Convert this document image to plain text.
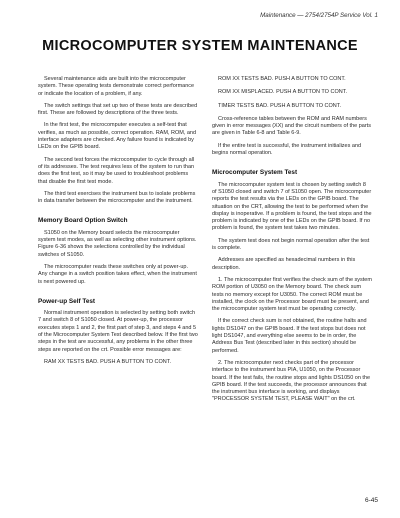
Maintenance — 2754/2754P Service Vol. 1
MICROCOMPUTER SYSTEM MAINTENANCE

Several maintenance aids are built into the microcomputer system. These operating tests demonstrate correct performance or indicate the location of a problem, if any.

The switch settings that set up two of these tests are described first. These are followed by descriptions of the three tests.

In the first test, the microcomputer executes a self-test that verifies, as much as possible, correct operation. RAM, ROM, and interface adapters are checked. Any failure found is indicated by LEDs on the GPIB board.

The second test forces the microcomputer to cycle through all of its addresses. The test requires less of the system to run than does the first test, so it may be used to troubleshoot problems that disable the first test mode.

The third test exercises the instrument bus to isolate problems in data transfer between the microcomputer and the instrument.

Memory Board Option Switch

S1050 on the Memory board selects the microcomputer system test modes, as well as selecting other instrument options. Figure 6-36 shows the selections controlled by the individual switches of S1050.

The microcomputer reads these switches only at power-up. Any change in a switch position takes effect, when the instrument is next powered up.

Power-up Self Test

Normal instrument operation is selected by setting both switch 7 and switch 8 of S1050 closed. At power-up, the processor executes steps 1 and 2, the first part of step 3, and steps 4 and 5 of the Microcomputer System Test described below. If the first two steps in the test are successful, any problems in the other three steps are reported on the crt. Possible error messages are:

RAM XX TESTS BAD. PUSH A BUTTON TO CONT.

ROM XX TESTS BAD. PUSH A BUTTON TO CONT.

ROM XX MISPLACED. PUSH A BUTTON TO CONT.

TIMER TESTS BAD. PUSH A BUTTON TO CONT.

Cross-reference tables between the ROM and RAM numbers given in error messages (XX) and the circuit numbers of the parts are given in Table 6-8 and Table 6-9.

If the entire test is successful, the instrument initializes and begins normal operation.

Microcomputer System Test

The microcomputer system test is chosen by setting switch 8 of S1050 closed and switch 7 of S1050 open. The microcomputer reports the test results via the LEDs on the GPIB board. The situation on the CRT, allowing the test to be performed when the display is inoperative. If a problem is found, the test stops and the problem is indicated by one of the LEDs on the GPIB board. If no problem is found, the system test takes two minutes.

The system test does not begin normal operation after the test is complete.

Addresses are specified as hexadecimal numbers in this description.

1. The microcomputer first verifies the check sum of the system ROM portion of U3050 on the Memory board. The check sum tests no memory except for U3050. The correct ROM must be installed, the clock on the Processor board must be present, and the microcomputer system test must be operating correctly.

If the correct check sum is not obtained, the routine halts and lights DS1047 on the GPIB board. If the test stops but does not light DS1047, and everything else seems to be in order, the Address Bus Test (described later in this section) should be performed.

2. The microcomputer next checks part of the processor interface to the instrument bus PIA, U1050, on the Processor board. If the test fails, the routine stops and lights DS1050 on the GPIB board. If the test succeeds, the processor announces that the instrument bus interface is working, and displays "PROCESSOR SYSTEM TEST, PLEASE WAIT" on the crt.

6-45
